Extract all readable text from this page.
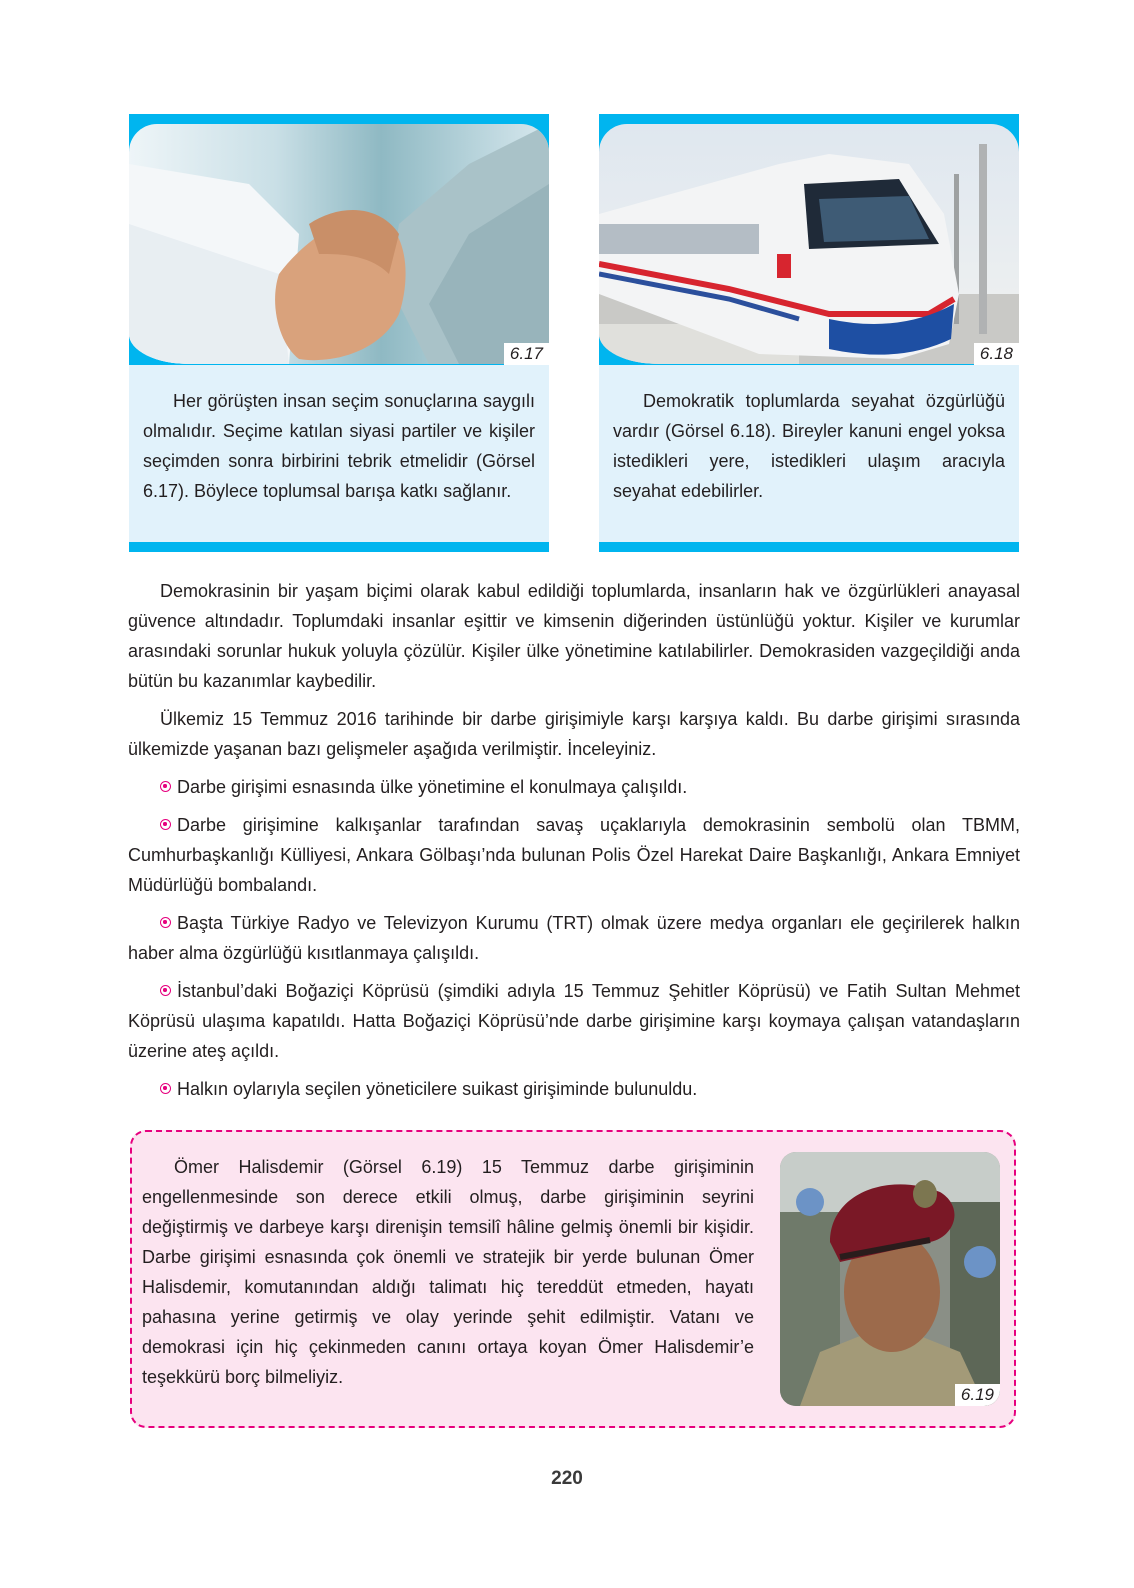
6.17
Her görüşten insan seçim sonuçlarına saygılı olmalıdır. Seçime katılan siyasi partiler ve kişiler seçimden sonra birbirini tebrik etmelidir (Görsel 6.17). Böylece toplumsal barışa katkı sağlanır.
6.18
Demokratik toplumlarda seyahat özgürlüğü vardır (Görsel 6.18). Bireyler kanuni engel yoksa istedikleri yere, istedikleri ulaşım aracıyla seyahat edebilirler.

Demokrasinin bir yaşam biçimi olarak kabul edildiği toplumlarda, insanların hak ve özgürlükleri anayasal güvence altındadır. Toplumdaki insanlar eşittir ve kimsenin diğerinden üstünlüğü yoktur. Kişiler ve kurumlar arasındaki sorunlar hukuk yoluyla çözülür. Kişiler ülke yönetimine katılabilirler. Demokrasiden vazgeçildiği anda bütün bu kazanımlar kaybedilir.

Ülkemiz 15 Temmuz 2016 tarihinde bir darbe girişimiyle karşı karşıya kaldı. Bu darbe girişimi sırasında ülkemizde yaşanan bazı gelişmeler aşağıda verilmiştir. İnceleyiniz.

Darbe girişimi esnasında ülke yönetimine el konulmaya çalışıldı.

Darbe girişimine kalkışanlar tarafından savaş uçaklarıyla demokrasinin sembolü olan TBMM, Cumhurbaşkanlığı Külliyesi, Ankara Gölbaşı’nda bulunan Polis Özel Harekat Daire Başkanlığı, Ankara Emniyet Müdürlüğü bombalandı.

Başta Türkiye Radyo ve Televizyon Kurumu (TRT) olmak üzere medya organları ele geçirilerek halkın haber alma özgürlüğü kısıtlanmaya çalışıldı.

İstanbul’daki Boğaziçi Köprüsü (şimdiki adıyla 15 Temmuz Şehitler Köprüsü) ve Fatih Sultan Mehmet Köprüsü ulaşıma kapatıldı. Hatta Boğaziçi Köprüsü’nde darbe girişimine karşı koymaya çalışan vatandaşların üzerine ateş açıldı.

Halkın oylarıyla seçilen yöneticilere suikast girişiminde bulunuldu.

Ömer Halisdemir (Görsel 6.19) 15 Temmuz darbe girişiminin engellenmesinde son derece etkili olmuş, darbe girişiminin seyrini değiştirmiş ve darbeye karşı direnişin temsilî hâline gelmiş önemli bir kişidir. Darbe girişimi esnasında çok önemli ve stratejik bir yerde bulunan Ömer Halisdemir, komutanından aldığı talimatı hiç tereddüt etmeden, hayatı pahasına yerine getirmiş ve olay yerinde şehit edilmiştir. Vatanı ve demokrasi için hiç çekinmeden canını ortaya koyan Ömer Halisdemir’e teşekkürü borç bilmeliyiz.
6.19
220
